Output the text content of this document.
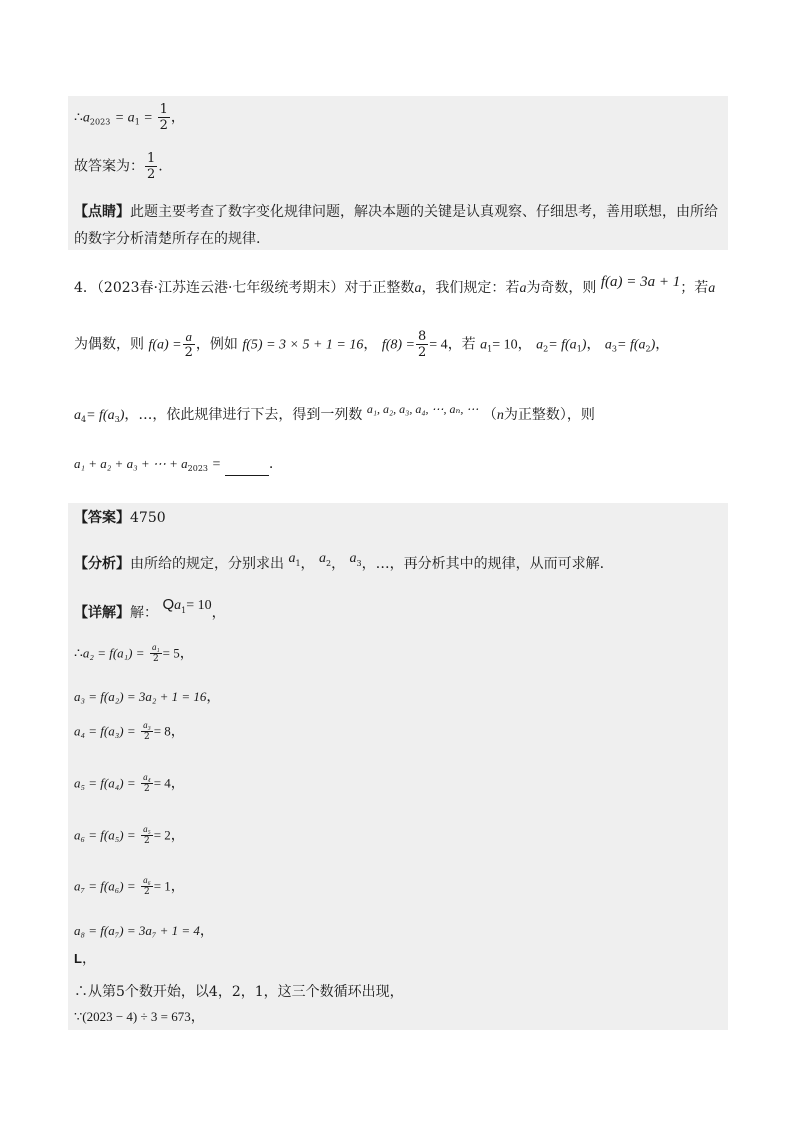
$\therefore a_{2023} = a_1 = \frac{1}{2}$ ，
故答案为： $\frac{1}{2}$ .
【点睛】此题主要考查了数字变化规律问题，解决本题的关键是认真观察、仔细思考，善用联想，由所给
的数字分析清楚所存在的规律.
4．（2023春·江苏连云港·七年级统考期末）对于正整数a，我们规定：若a为奇数，则 f(a) = 3a + 1；若a
为偶数，则 $f(a) = \frac{a}{2}$ ，例如 f(5) = 3 × 5 + 1 = 16， $f(8) = \frac{8}{2} = 4$，若 $a_1= 10$， $a_2= f(a_1)$， $a_3= f(a_2)$，
$a_4= f(a_3)$，…，依此规律进行下去，得到一列数 a₁, a₂, a₃, a₄, ⋯, aₙ, ⋯ （n为正整数），则
a₁ + a₂ + a₃ + ⋯ + $a_{2023}$ =	.
【答案】4750
【分析】由所给的规定，分别求出 $a^1$， $a^2$， $a^3$，…，再分析其中的规律，从而可求解.
【详解】解： $Qa^1= 10$，
∴a₂ = $f(a_1) = \frac{\text{a₁}}{2} = 5$，
a₃ = f(a₂) = 3a₂ + 1 = 16，
$a_4 = f(a_3) = \frac{\text{a₃}}{2} = 8$，
$a_5 = f(a_4) = \frac{\text{a₄}}{2} = 4$，
$a_6 = f(a_5) = \frac{\text{a₅}}{2} = 2$，
$a_7 = f(a_6) = \frac{\text{a₆}}{2} = 1$，
a₈ = f(a₇) = 3a₇ + 1 = 4，
L，
∴从第5个数开始，以4，2，1，这三个数循环出现，
∵(2023 − 4) ÷ 3 = 673，
